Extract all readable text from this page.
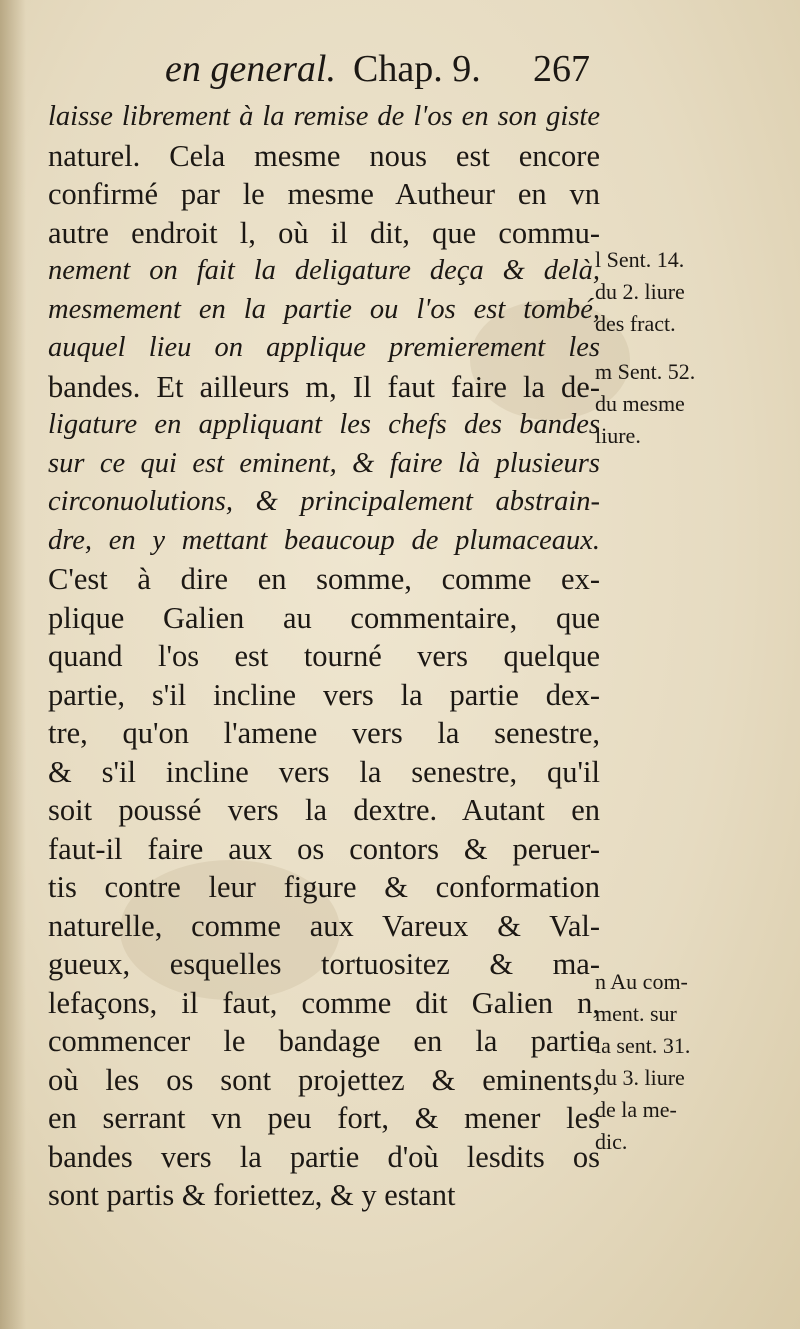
en general. Chap. 9. 267
laisse librement à la remise de l'os en son giste
naturel. Cela mesme nous est encore
confirmé par le mesme Autheur en vn
autre endroit l, où il dit, que commu-
nement on fait la deligature deça & delà,
mesmement en la partie ou l'os est tombé,
auquel lieu on applique premierement les
bandes. Et ailleurs m, Il faut faire la de-
ligature en appliquant les chefs des bandes
sur ce qui est eminent, & faire là plusieurs
circonuolutions, & principalement abstrain-
dre, en y mettant beaucoup de plumaceaux.
C'est à dire en somme, comme ex-
plique Galien au commentaire, que
quand l'os est tourné vers quelque
partie, s'il incline vers la partie dex-
tre, qu'on l'amene vers la senestre,
& s'il incline vers la senestre, qu'il
soit poussé vers la dextre. Autant en
faut-il faire aux os contors & peruer-
tis contre leur figure & conformation
naturelle, comme aux Vareux & Val-
gueux, esquelles tortuositez & ma-
lefaçons, il faut, comme dit Galien n,
commencer le bandage en la partie
où les os sont projettez & eminents,
en serrant vn peu fort, & mener les
bandes vers la partie d'où lesdits os
sont partis & foriettez, & y estant
l Sent. 14.
du 2. liure
des fract.
m Sent. 52.
du mesme
liure.
n Au com-
ment. sur
la sent. 31.
du 3. liure
de la me-
dic.
